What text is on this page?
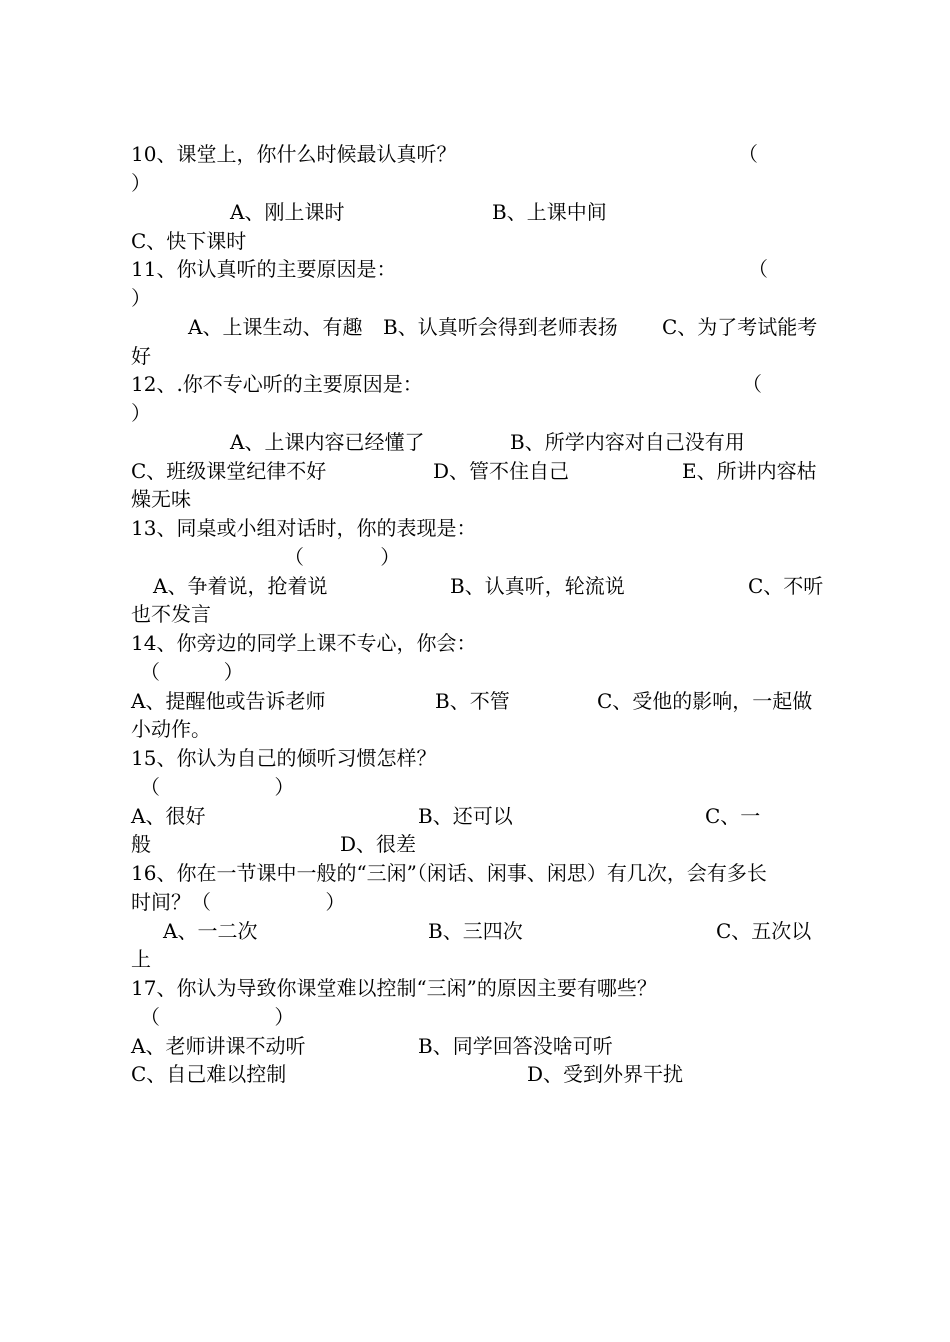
10、课堂上，你什么时候最认真听？	（
）
A、刚上课时	B、上课中间
C、快下课时
11、你认真听的主要原因是：	（
）
A、上课生动、有趣 B、认真听会得到老师表扬 C、为了考试能考
好
12、.你不专心听的主要原因是：	（
）
A、上课内容已经懂了	B、所学内容对自己没有用
C、班级课堂纪律不好	D、管不住自己	E、所讲内容枯
燥无味
13、同桌或小组对话时，你的表现是：
（            ）
A、争着说，抢着说	B、认真听，轮流说	C、不听
也不发言
14、你旁边的同学上课不专心，你会：
（          ）
A、提醒他或告诉老师	B、不管	C、受他的影响，一起做
小动作。
15、你认为自己的倾听习惯怎样？
（                  ）
A、很好	B、还可以	C、一
般	D、很差
16、你在一节课中一般的“三闲”（闲话、闲事、闲思）有几次，会有多长
时间？（                  ）
A、一二次	B、三四次	C、五次以
上
17、你认为导致你课堂难以控制“三闲”的原因主要有哪些？
（                  ）
A、老师讲课不动听	B、同学回答没啥可听
C、自己难以控制	D、受到外界干扰
